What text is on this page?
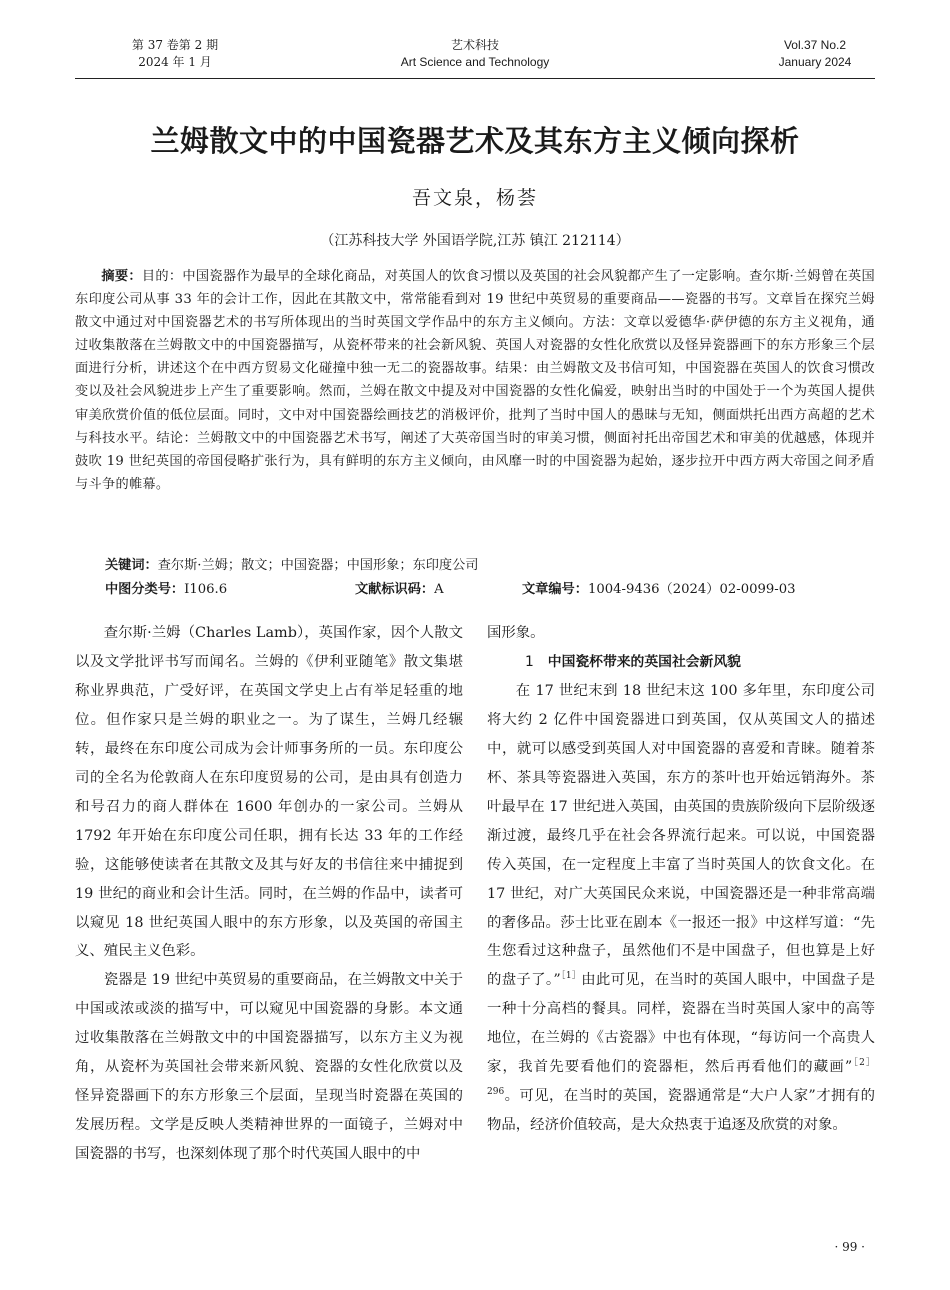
第 37 卷第 2 期
2024 年 1 月
艺术科技
Art Science and Technology
Vol.37 No.2
January 2024
兰姆散文中的中国瓷器艺术及其东方主义倾向探析
吾文泉，杨荟
（江苏科技大学 外国语学院,江苏 镇江 212114）
摘要：目的：中国瓷器作为最早的全球化商品，对英国人的饮食习惯以及英国的社会风貌都产生了一定影响。查尔斯·兰姆曾在英国东印度公司从事 33 年的会计工作，因此在其散文中，常常能看到对 19 世纪中英贸易的重要商品——瓷器的书写。文章旨在探究兰姆散文中通过对中国瓷器艺术的书写所体现出的当时英国文学作品中的东方主义倾向。方法：文章以爱德华·萨伊德的东方主义视角，通过收集散落在兰姆散文中的中国瓷器描写，从瓷杯带来的社会新风貌、英国人对瓷器的女性化欣赏以及怪异瓷器画下的东方形象三个层面进行分析，讲述这个在中西方贸易文化碰撞中独一无二的瓷器故事。结果：由兰姆散文及书信可知，中国瓷器在英国人的饮食习惯改变以及社会风貌进步上产生了重要影响。然而，兰姆在散文中提及对中国瓷器的女性化偏爱，映射出当时的中国处于一个为英国人提供审美欣赏价值的低位层面。同时，文中对中国瓷器绘画技艺的消极评价，批判了当时中国人的愚昧与无知，侧面烘托出西方高超的艺术与科技水平。结论：兰姆散文中的中国瓷器艺术书写，阐述了大英帝国当时的审美习惯，侧面衬托出帝国艺术和审美的优越感，体现并鼓吹 19 世纪英国的帝国侵略扩张行为，具有鲜明的东方主义倾向，由风靡一时的中国瓷器为起始，逐步拉开中西方两大帝国之间矛盾与斗争的帷幕。
关键词：查尔斯·兰姆；散文；中国瓷器；中国形象；东印度公司
中图分类号：I106.6	文献标识码：A	文章编号：1004-9436（2024）02-0099-03

查尔斯·兰姆（Charles Lamb），英国作家，因个人散文以及文学批评书写而闻名。兰姆的《伊利亚随笔》散文集堪称业界典范，广受好评，在英国文学史上占有举足轻重的地位。但作家只是兰姆的职业之一。为了谋生，兰姆几经辗转，最终在东印度公司成为会计师事务所的一员。东印度公司的全名为伦敦商人在东印度贸易的公司，是由具有创造力和号召力的商人群体在 1600 年创办的一家公司。兰姆从 1792 年开始在东印度公司任职，拥有长达 33 年的工作经验，这能够使读者在其散文及其与好友的书信往来中捕捉到 19 世纪的商业和会计生活。同时，在兰姆的作品中，读者可以窥见 18 世纪英国人眼中的东方形象，以及英国的帝国主义、殖民主义色彩。

瓷器是 19 世纪中英贸易的重要商品，在兰姆散文中关于中国或浓或淡的描写中，可以窥见中国瓷器的身影。本文通过收集散落在兰姆散文中的中国瓷器描写，以东方主义为视角，从瓷杯为英国社会带来新风貌、瓷器的女性化欣赏以及怪异瓷器画下的东方形象三个层面，呈现当时瓷器在英国的发展历程。文学是反映人类精神世界的一面镜子，兰姆对中国瓷器的书写，也深刻体现了那个时代英国人眼中的中

国形象。

1 中国瓷杯带来的英国社会新风貌

在 17 世纪末到 18 世纪末这 100 多年里，东印度公司将大约 2 亿件中国瓷器进口到英国，仅从英国文人的描述中，就可以感受到英国人对中国瓷器的喜爱和青睐。随着茶杯、茶具等瓷器进入英国，东方的茶叶也开始远销海外。茶叶最早在 17 世纪进入英国，由英国的贵族阶级向下层阶级逐渐过渡，最终几乎在社会各界流行起来。可以说，中国瓷器传入英国，在一定程度上丰富了当时英国人的饮食文化。在 17 世纪，对广大英国民众来说，中国瓷器还是一种非常高端的奢侈品。莎士比亚在剧本《一报还一报》中这样写道：“先生您看过这种盘子，虽然他们不是中国盘子，但也算是上好的盘子了。”$^{[1]}$由此可见，在当时的英国人眼中，中国盘子是一种十分高档的餐具。同样，瓷器在当时英国人家中的高等地位，在兰姆的《古瓷器》中也有体现，“每访问一个高贵人家，我首先要看他们的瓷器柜，然后再看他们的藏画”$^{[2]296}$。可见，在当时的英国，瓷器通常是“大户人家”才拥有的物品，经济价值较高，是大众热衷于追逐及欣赏的对象。

· 99 ·
